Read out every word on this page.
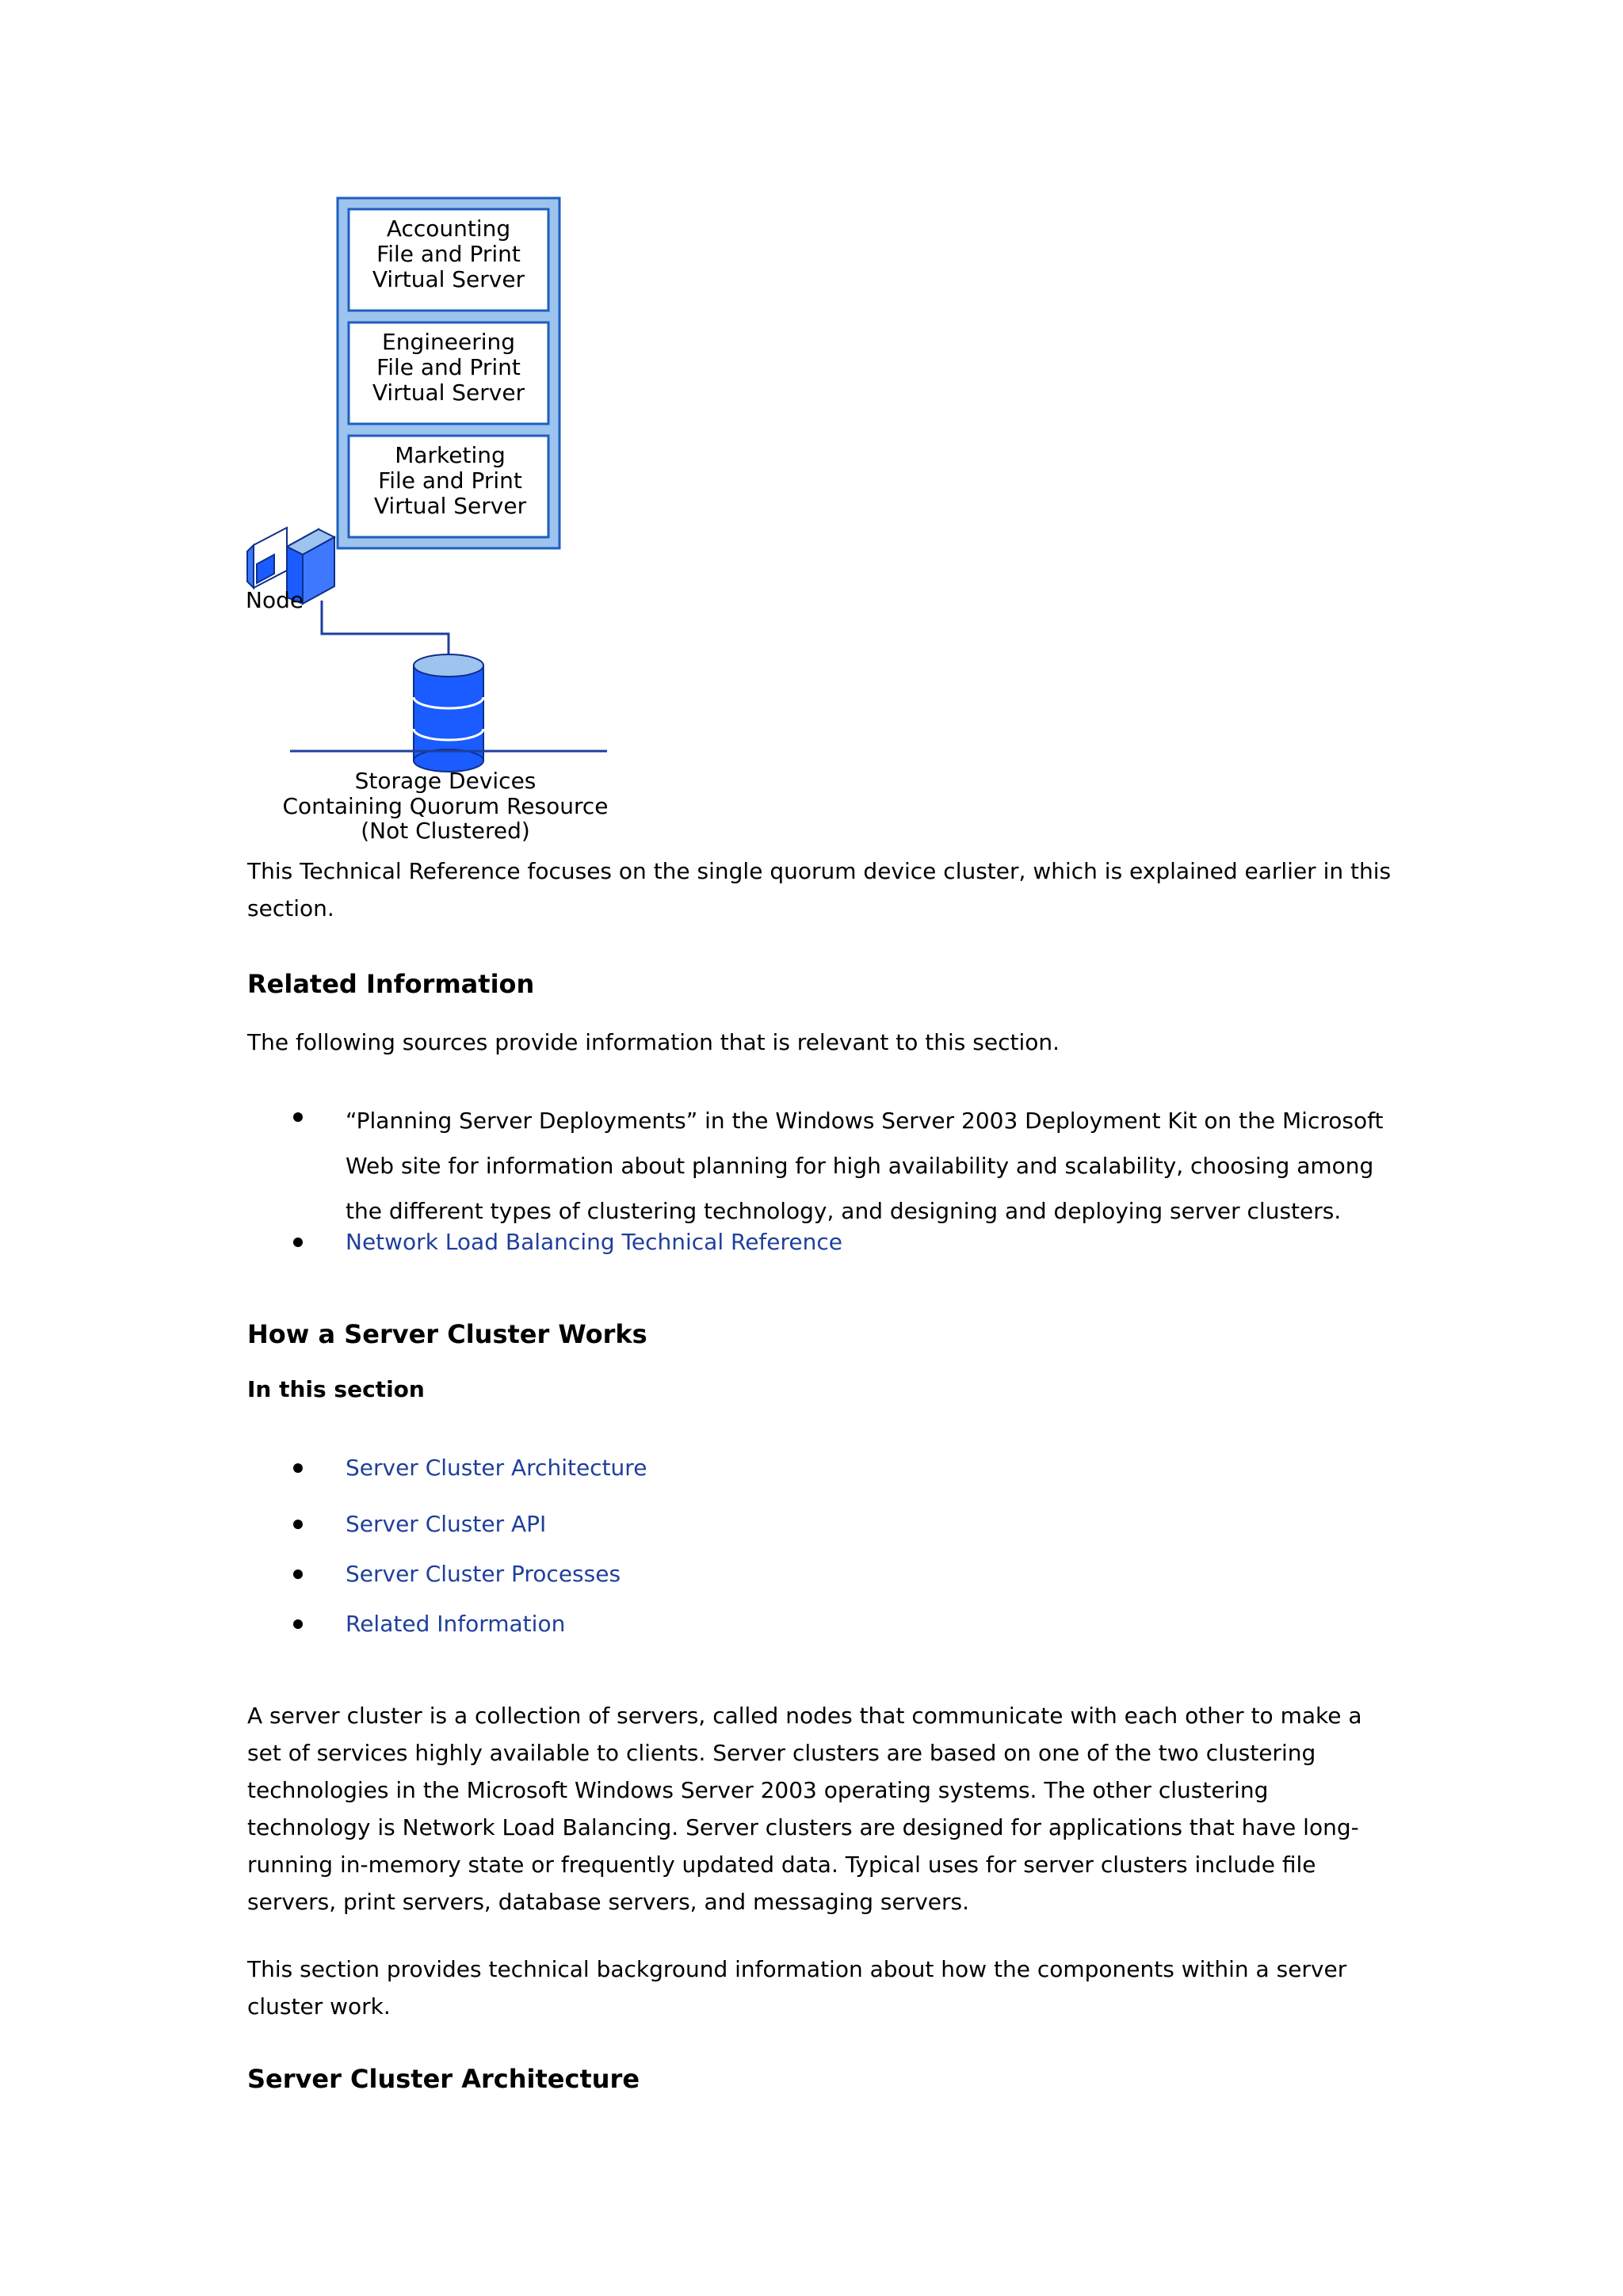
Accounting
File and Print
Virtual Server
Engineering
File and Print
Virtual Server
Marketing
File and Print
Virtual Server
Node
Storage Devices
Containing Quorum Resource
(Not Clustered)

This Technical Reference focuses on the single quorum device cluster, which is explained earlier in this section.

Related Information

The following sources provide information that is relevant to this section.

“Planning Server Deployments” in the Windows Server 2003 Deployment Kit on the Microsoft Web site for information about planning for high availability and scalability, choosing among the different types of clustering technology, and designing and deploying server clusters.
Network Load Balancing Technical Reference
How a Server Cluster Works
In this section
Server Cluster Architecture
Server Cluster API
Server Cluster Processes
Related Information

A server cluster is a collection of servers, called nodes that communicate with each other to make a set of services highly available to clients. Server clusters are based on one of the two clustering technologies in the Microsoft Windows Server 2003 operating systems. The other clustering technology is Network Load Balancing. Server clusters are designed for applications that have long-running in-memory state or frequently updated data. Typical uses for server clusters include file servers, print servers, database servers, and messaging servers.

This section provides technical background information about how the components within a server cluster work.

Server Cluster Architecture
